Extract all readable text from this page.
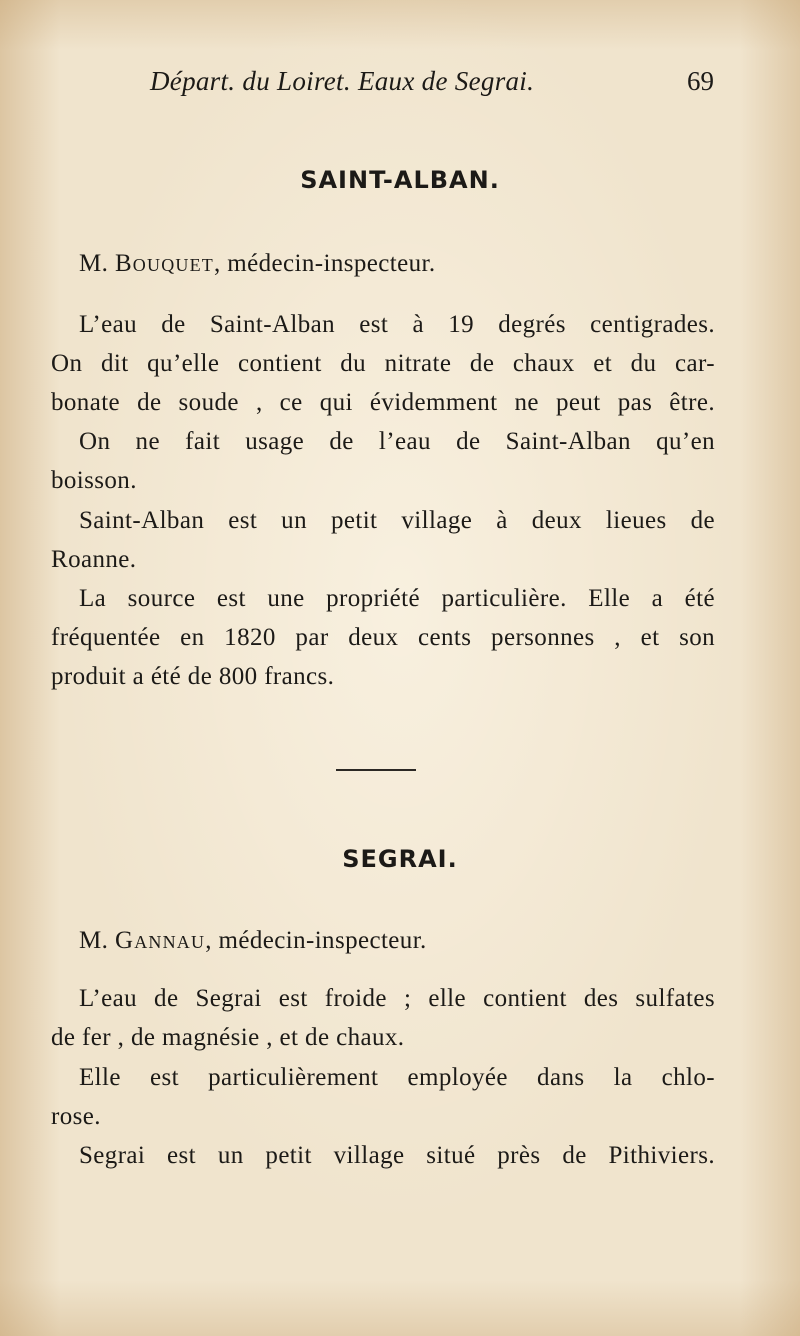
Départ. du Loiret. Eaux de Segrai.	69
SAINT-ALBAN.
M. Bouquet, médecin-inspecteur.
L’eau de Saint-Alban est à 19 degrés centigrades.
On dit qu’elle contient du nitrate de chaux et du car-
bonate de soude , ce qui évidemment ne peut pas être.
On ne fait usage de l’eau de Saint-Alban qu’en
boisson.
Saint-Alban est un petit village à deux lieues de
Roanne.
La source est une propriété particulière. Elle a été
fréquentée en 1820 par deux cents personnes , et son
produit a été de 800 francs.
SEGRAI.
M. Gannau, médecin-inspecteur.
L’eau de Segrai est froide ; elle contient des sulfates
de fer , de magnésie , et de chaux.
Elle est particulièrement employée dans la chlo-
rose.
Segrai est un petit village situé près de Pithiviers.
